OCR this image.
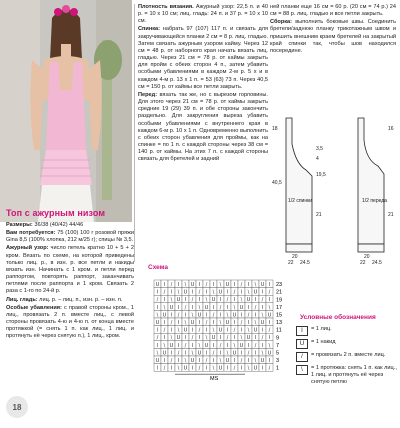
Топ с ажурным низом

Размеры: 36/38 (40/42) 44/46

Вам потребуется: 75 (100) 100 г розовой пряжи Gina 8,5 (100% хлопка, 212 м/25 г); спицы № 3,5.

Ажурный узор: число петель кратно 10 + 5 + 2 кром. Вязать по схеме, на которой приведены только лиц. р., в изн. р. все петли и накиды вязать изн. Начинать с 1 кром. и петли перед раппортом, повторять раппорт, заканчивать петлями после раппорта и 1 кром. Связать 2 раза с 1-го по 24-й р.

Лиц. гладь: лиц. р. – лиц. п., изн. р. – изн. п.

Особые убавления: с правой стороны кром., 1 лиц., провязать 2 п. вместе лиц., с левой стороны провязать 4-ю и 4-ю п. от конца вместе протяжкой (= снять 1 п. как лиц., 1 лиц. и протянуть её через снятую п.), 1 лиц., кром.

Плотность вязания. Ажурный узор: 22,5 п. и 40 р. = 10 х 10 см; лиц. гладь: 24 п. и 37 р. = 10 х 10 см.

Спинка: набрать 97 (107) 117 п. и связать для закручивающейся планки 2 см = 8 р. лиц. гладью. Затем связать ажурным узором кайму. Через 12 см = 48 р. от наборного края начать вязать лиц. гладью. Через 21 см = 78 р. от каймы закрыть для пройм с обеих сторон 4 п., затем убавить особыми убавлениями в каждом 2-м р. 5 х и в каждом 4-м р. 13 х 1 п. = 53 (63) 73 п. Через 40,5 см = 150 р. от каймы все петли закрыть.

Перед: вязать так же, но с вырезом горловины. Для этого через 21 см = 78 р. от каймы закрыть средние 19 (29) 39 п. и обе стороны закончить раздельно. Для закругления выреза убавить особыми убавлениями с внутреннего края в каждом 6-м р. 10 х 1 п. Одновременно выполнить с обеих сторон убавления для проймы, как на спинке = по 1 п. с каждой стороны через 38 см = 140 р. от каймы. На этих 7 п. с каждой стороны связать для бретелей и задний

ней планки еще 16 см = 60 р. (20 см = 74 р.) 24 см = 88 р. лиц. гладью и все петли закрыть.

Сборка: выполнить боковые швы. Соединить бретели/заднюю планку трикотажным швом и пришить внешним краем бретелей на закрытый край спинки так, чтобы шов находился посередине.

1/2 спинки	1/2 переда
18
3,5
4
19,5
40,5
21
20
22 24,5
16
21
20
22 24,5
Схема
U I / I \ U I / I \ U I / I \ U I
I / I \ U I / I \ U I / I \ U I /
/ I \ U I / I \ U I / I \ U I / I
I \ U I / I \ U I / I \ U I / I \
\ U I / I \ U I / I \ U I / I \ U
U I / I \ U I / I \ U I / I \ U I
I / I \ U I / I \ U I / I \ U I /
/ I \ U I / I \ U I / I \ U I / I
I \ U I / I \ U I / I \ U I / I \
\ U I / I \ U I / I \ U I / I \ U
U I / I \ U I / I \ U I / I \ U I
I / I \ U I / I \ U I / I \ U I /
23
21
19
17
15
13
11
9
7
5
3
1
MS
Условные обозначения
I	= 1 лиц.
U	= 1 накид
/	= провязать 2 п. вместе лиц.
\	= 1 протяжка: снять 1 п. как лиц., 1 лиц. и протянуть её через снятую петлю
18
